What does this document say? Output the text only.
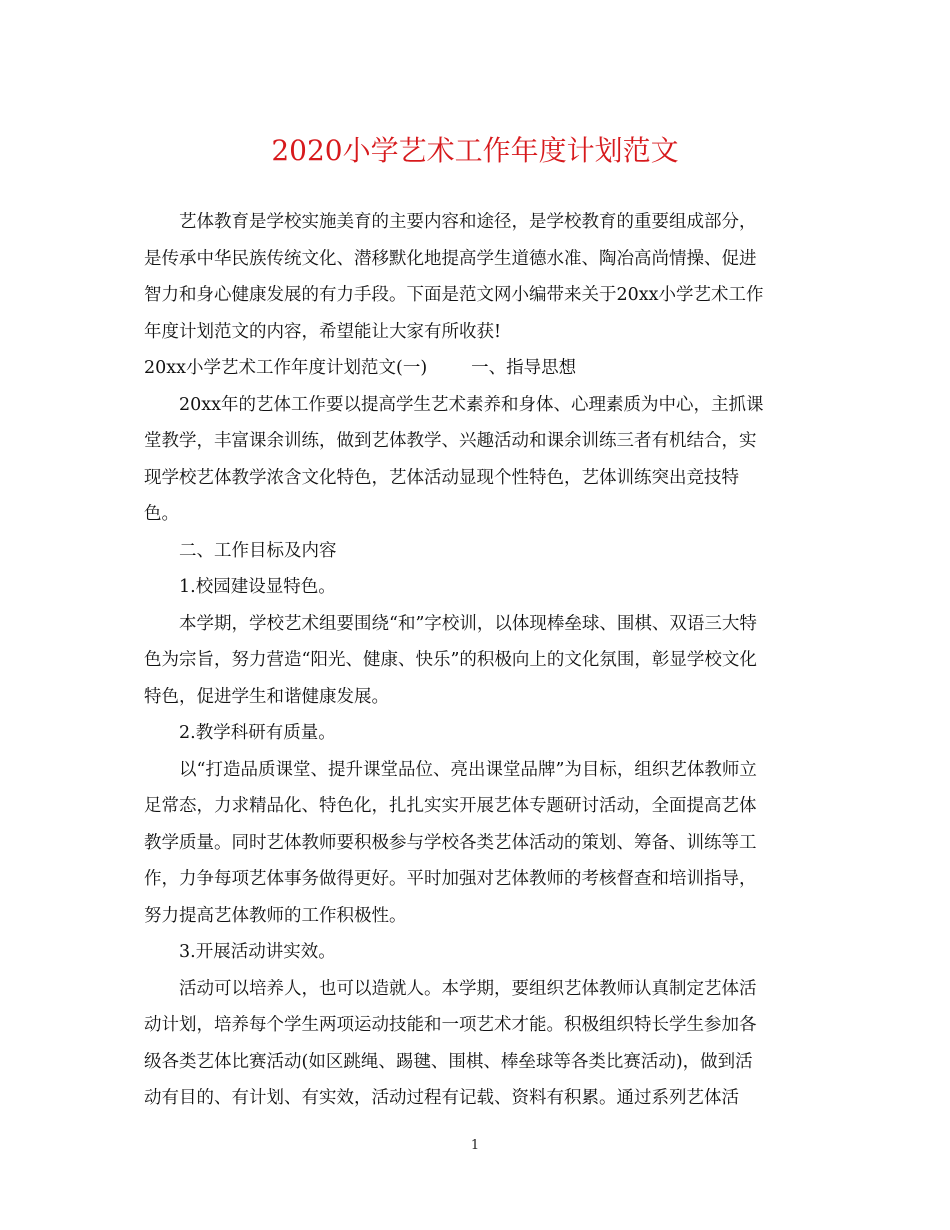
2020小学艺术工作年度计划范文

艺体教育是学校实施美育的主要内容和途径，是学校教育的重要组成部分，

是传承中华民族传统文化、潜移默化地提高学生道德水准、陶冶高尚情操、促进

智力和身心健康发展的有力手段。下面是范文网小编带来关于20xx小学艺术工作

年度计划范文的内容，希望能让大家有所收获!

20xx小学艺术工作年度计划范文(一)	一、指导思想

20xx年的艺体工作要以提高学生艺术素养和身体、心理素质为中心，主抓课

堂教学，丰富课余训练，做到艺体教学、兴趣活动和课余训练三者有机结合，实

现学校艺体教学浓含文化特色，艺体活动显现个性特色，艺体训练突出竞技特

色。

二、工作目标及内容

1.校园建设显特色。

本学期，学校艺术组要围绕“和”字校训，以体现棒垒球、围棋、双语三大特

色为宗旨，努力营造“阳光、健康、快乐”的积极向上的文化氛围，彰显学校文化

特色，促进学生和谐健康发展。

2.教学科研有质量。

以“打造品质课堂、提升课堂品位、亮出课堂品牌”为目标，组织艺体教师立

足常态，力求精品化、特色化，扎扎实实开展艺体专题研讨活动，全面提高艺体

教学质量。同时艺体教师要积极参与学校各类艺体活动的策划、筹备、训练等工

作，力争每项艺体事务做得更好。平时加强对艺体教师的考核督查和培训指导，

努力提高艺体教师的工作积极性。

3.开展活动讲实效。

活动可以培养人，也可以造就人。本学期，要组织艺体教师认真制定艺体活

动计划，培养每个学生两项运动技能和一项艺术才能。积极组织特长学生参加各

级各类艺体比赛活动(如区跳绳、踢毽、围棋、棒垒球等各类比赛活动)，做到活

动有目的、有计划、有实效，活动过程有记载、资料有积累。通过系列艺体活

1
